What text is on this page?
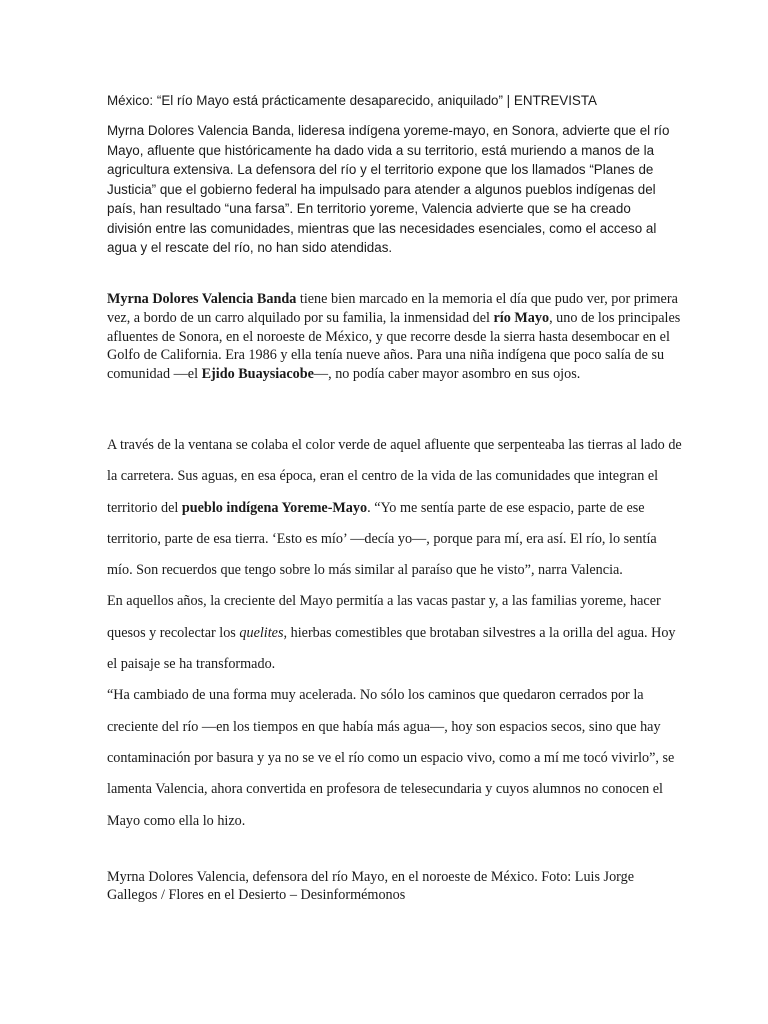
México: “El río Mayo está prácticamente desaparecido, aniquilado” | ENTREVISTA

Myrna Dolores Valencia Banda, lideresa indígena yoreme-mayo, en Sonora, advierte que el río Mayo, afluente que históricamente ha dado vida a su territorio, está muriendo a manos de la agricultura extensiva. La defensora del río y el territorio expone que los llamados “Planes de Justicia” que el gobierno federal ha impulsado para atender a algunos pueblos indígenas del país, han resultado “una farsa”. En territorio yoreme, Valencia advierte que se ha creado división entre las comunidades, mientras que las necesidades esenciales, como el acceso al agua y el rescate del río, no han sido atendidas.

Myrna Dolores Valencia Banda tiene bien marcado en la memoria el día que pudo ver, por primera vez, a bordo de un carro alquilado por su familia, la inmensidad del río Mayo, uno de los principales afluentes de Sonora, en el noroeste de México, y que recorre desde la sierra hasta desembocar en el Golfo de California. Era 1986 y ella tenía nueve años. Para una niña indígena que poco salía de su comunidad —el Ejido Buaysiacobe—, no podía caber mayor asombro en sus ojos.

A través de la ventana se colaba el color verde de aquel afluente que serpenteaba las tierras al lado de la carretera. Sus aguas, en esa época, eran el centro de la vida de las comunidades que integran el territorio del pueblo indígena Yoreme-Mayo. “Yo me sentía parte de ese espacio, parte de ese territorio, parte de esa tierra. ‘Esto es mío’ —decía yo—, porque para mí, era así. El río, lo sentía mío. Son recuerdos que tengo sobre lo más similar al paraíso que he visto”, narra Valencia.

En aquellos años, la creciente del Mayo permitía a las vacas pastar y, a las familias yoreme, hacer quesos y recolectar los quelites, hierbas comestibles que brotaban silvestres a la orilla del agua. Hoy el paisaje se ha transformado.

“Ha cambiado de una forma muy acelerada. No sólo los caminos que quedaron cerrados por la creciente del río —en los tiempos en que había más agua—, hoy son espacios secos, sino que hay contaminación por basura y ya no se ve el río como un espacio vivo, como a mí me tocó vivirlo”, se lamenta Valencia, ahora convertida en profesora de telesecundaria y cuyos alumnos no conocen el Mayo como ella lo hizo.

Myrna Dolores Valencia, defensora del río Mayo, en el noroeste de México. Foto: Luis Jorge Gallegos / Flores en el Desierto – Desinformémonos
